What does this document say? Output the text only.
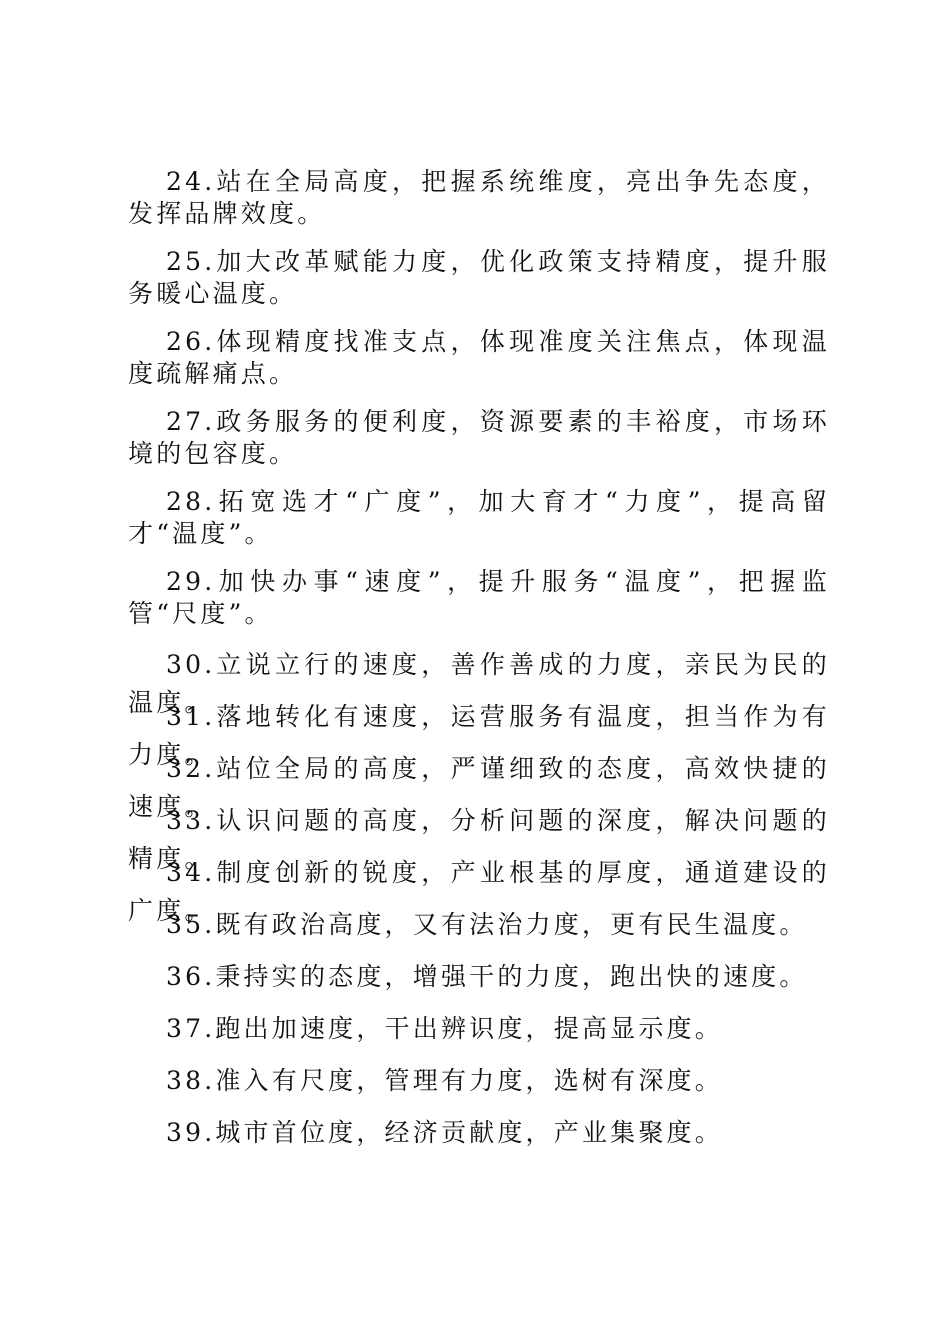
24.站在全局高度，把握系统维度，亮出争先态度，发挥品牌效度。

25.加大改革赋能力度，优化政策支持精度，提升服务暖心温度。

26.体现精度找准支点，体现准度关注焦点，体现温度疏解痛点。

27.政务服务的便利度，资源要素的丰裕度，市场环境的包容度。

28.拓宽选才“广度”，加大育才“力度”，提高留才“温度”。

29.加快办事“速度”，提升服务“温度”，把握监管“尺度”。

30.立说立行的速度，善作善成的力度，亲民为民的温度。

31.落地转化有速度，运营服务有温度，担当作为有力度。

32.站位全局的高度，严谨细致的态度，高效快捷的速度。

33.认识问题的高度，分析问题的深度，解决问题的精度。

34.制度创新的锐度，产业根基的厚度，通道建设的广度。

35.既有政治高度，又有法治力度，更有民生温度。

36.秉持实的态度，增强干的力度，跑出快的速度。

37.跑出加速度，干出辨识度，提高显示度。

38.准入有尺度，管理有力度，选树有深度。

39.城市首位度，经济贡献度，产业集聚度。
